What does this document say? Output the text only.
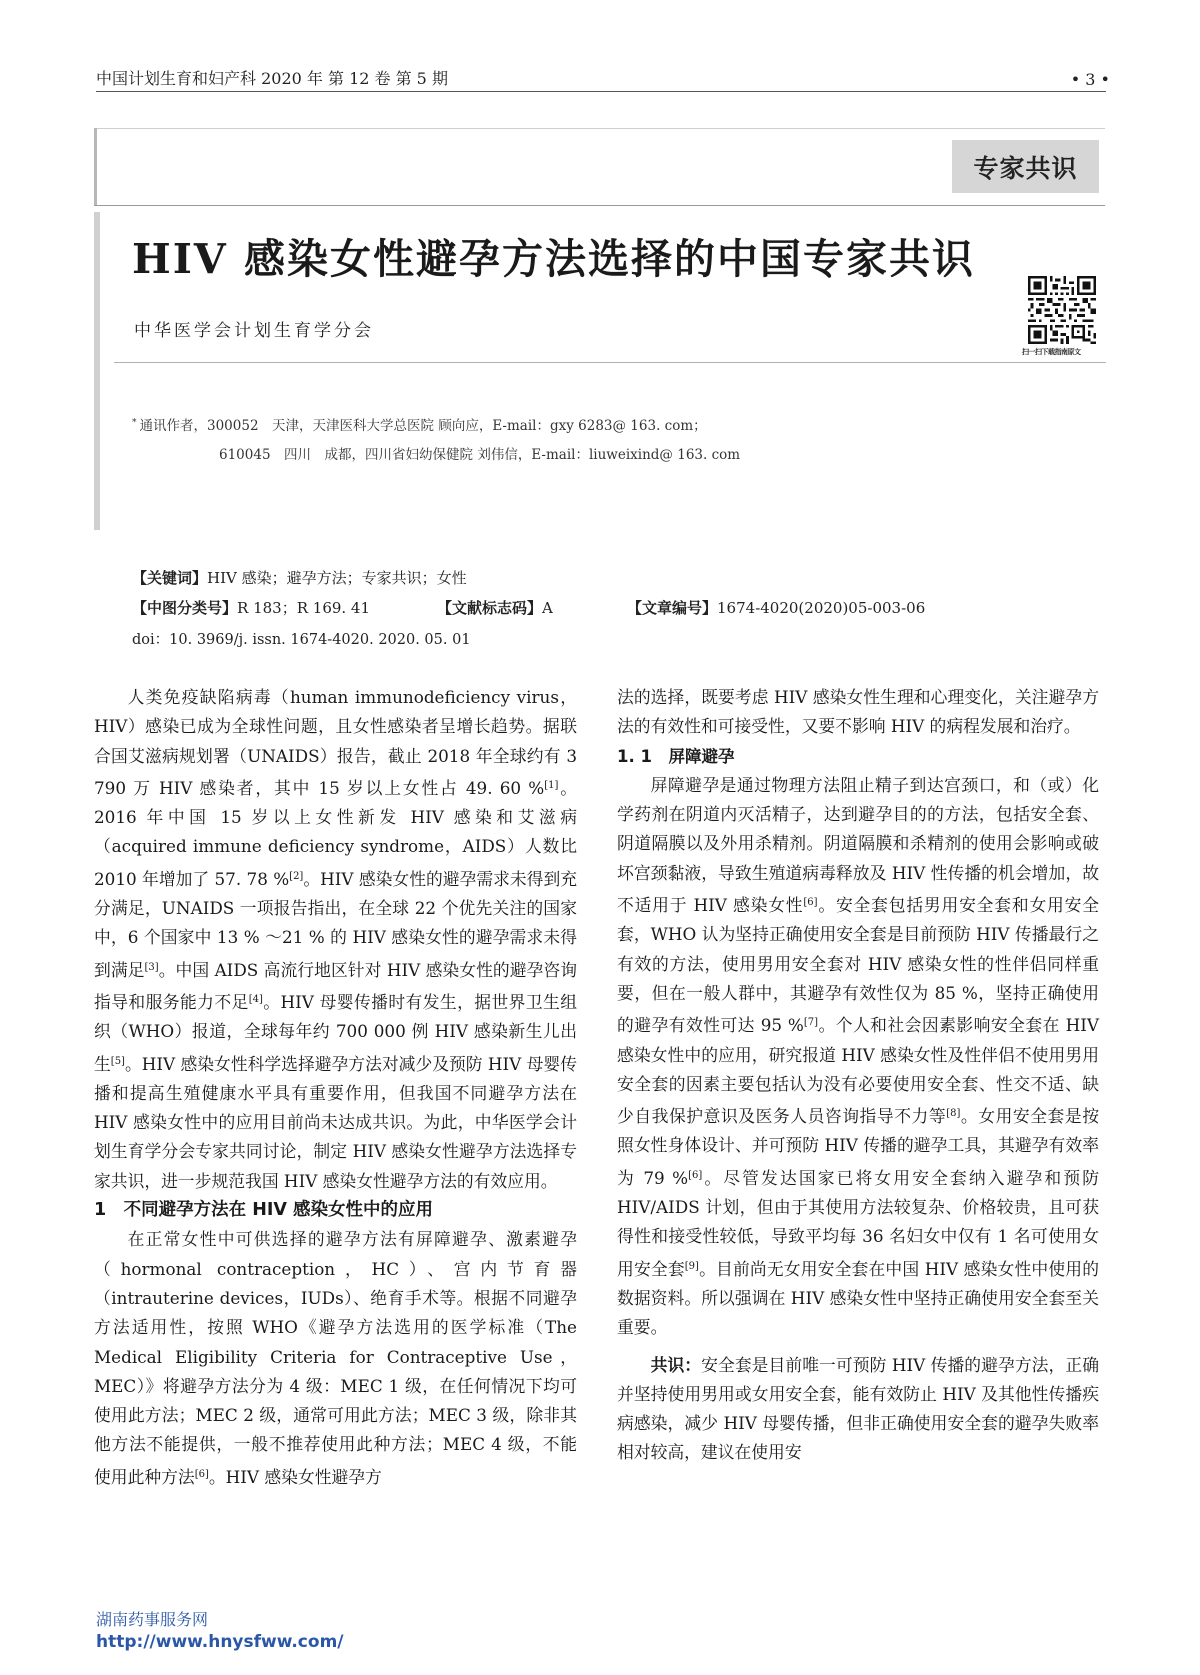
中国计划生育和妇产科 2020 年 第 12 卷 第 5 期	• 3 •
专家共识
HIV 感染女性避孕方法选择的中国专家共识
中华医学会计划生育学分会
扫一扫下载指南原文
* 通讯作者，300052　天津，天津医科大学总医院 顾向应，E-mail：gxy 6283@ 163. com；
610045　四川　成都，四川省妇幼保健院 刘伟信，E-mail：liuweixind@ 163. com
【关键词】HIV 感染；避孕方法；专家共识；女性
【中图分类号】R 183；R 169. 41	【文献标志码】A	【文章编号】1674-4020(2020)05-003-06
doi：10. 3969/j. issn. 1674-4020. 2020. 05. 01

人类免疫缺陷病毒（human immunodeficiency virus，HIV）感染已成为全球性问题，且女性感染者呈增长趋势。据联合国艾滋病规划署（UNAIDS）报告，截止 2018 年全球约有 3 790 万 HIV 感染者，其中 15 岁以上女性占 49. 60 %[1]。2016 年中国 15 岁以上女性新发 HIV 感染和艾滋病（acquired immune deficiency syndrome，AIDS）人数比 2010 年增加了 57. 78 %[2]。HIV 感染女性的避孕需求未得到充分满足，UNAIDS 一项报告指出，在全球 22 个优先关注的国家中，6 个国家中 13 % ～21 % 的 HIV 感染女性的避孕需求未得到满足[3]。中国 AIDS 高流行地区针对 HIV 感染女性的避孕咨询指导和服务能力不足[4]。HIV 母婴传播时有发生，据世界卫生组织（WHO）报道，全球每年约 700 000 例 HIV 感染新生儿出生[5]。HIV 感染女性科学选择避孕方法对减少及预防 HIV 母婴传播和提高生殖健康水平具有重要作用，但我国不同避孕方法在 HIV 感染女性中的应用目前尚未达成共识。为此，中华医学会计划生育学分会专家共同讨论，制定 HIV 感染女性避孕方法选择专家共识，进一步规范我国 HIV 感染女性避孕方法的有效应用。

1　不同避孕方法在 HIV 感染女性中的应用

在正常女性中可供选择的避孕方法有屏障避孕、激素避孕（hormonal contraception，HC）、宫内节育器（intrauterine devices，IUDs）、绝育手术等。根据不同避孕方法适用性，按照 WHO《避孕方法选用的医学标准（The Medical Eligibility Criteria for Contraceptive Use，MEC）》将避孕方法分为 4 级：MEC 1 级，在任何情况下均可使用此方法；MEC 2 级，通常可用此方法；MEC 3 级，除非其他方法不能提供，一般不推荐使用此种方法；MEC 4 级，不能使用此种方法[6]。HIV 感染女性避孕方

法的选择，既要考虑 HIV 感染女性生理和心理变化，关注避孕方法的有效性和可接受性，又要不影响 HIV 的病程发展和治疗。

1. 1　屏障避孕

屏障避孕是通过物理方法阻止精子到达宫颈口，和（或）化学药剂在阴道内灭活精子，达到避孕目的的方法，包括安全套、阴道隔膜以及外用杀精剂。阴道隔膜和杀精剂的使用会影响或破坏宫颈黏液，导致生殖道病毒释放及 HIV 性传播的机会增加，故不适用于 HIV 感染女性[6]。安全套包括男用安全套和女用安全套，WHO 认为坚持正确使用安全套是目前预防 HIV 传播最行之有效的方法，使用男用安全套对 HIV 感染女性的性伴侣同样重要，但在一般人群中，其避孕有效性仅为 85 %，坚持正确使用的避孕有效性可达 95 %[7]。个人和社会因素影响安全套在 HIV 感染女性中的应用，研究报道 HIV 感染女性及性伴侣不使用男用安全套的因素主要包括认为没有必要使用安全套、性交不适、缺少自我保护意识及医务人员咨询指导不力等[8]。女用安全套是按照女性身体设计、并可预防 HIV 传播的避孕工具，其避孕有效率为 79 %[6]。尽管发达国家已将女用安全套纳入避孕和预防 HIV/AIDS 计划，但由于其使用方法较复杂、价格较贵，且可获得性和接受性较低，导致平均每 36 名妇女中仅有 1 名可使用女用安全套[9]。目前尚无女用安全套在中国 HIV 感染女性中使用的数据资料。所以强调在 HIV 感染女性中坚持正确使用安全套至关重要。

共识：安全套是目前唯一可预防 HIV 传播的避孕方法，正确并坚持使用男用或女用安全套，能有效防止 HIV 及其他性传播疾病感染，减少 HIV 母婴传播，但非正确使用安全套的避孕失败率相对较高，建议在使用安

湖南药事服务网
http://www.hnysfww.com/
